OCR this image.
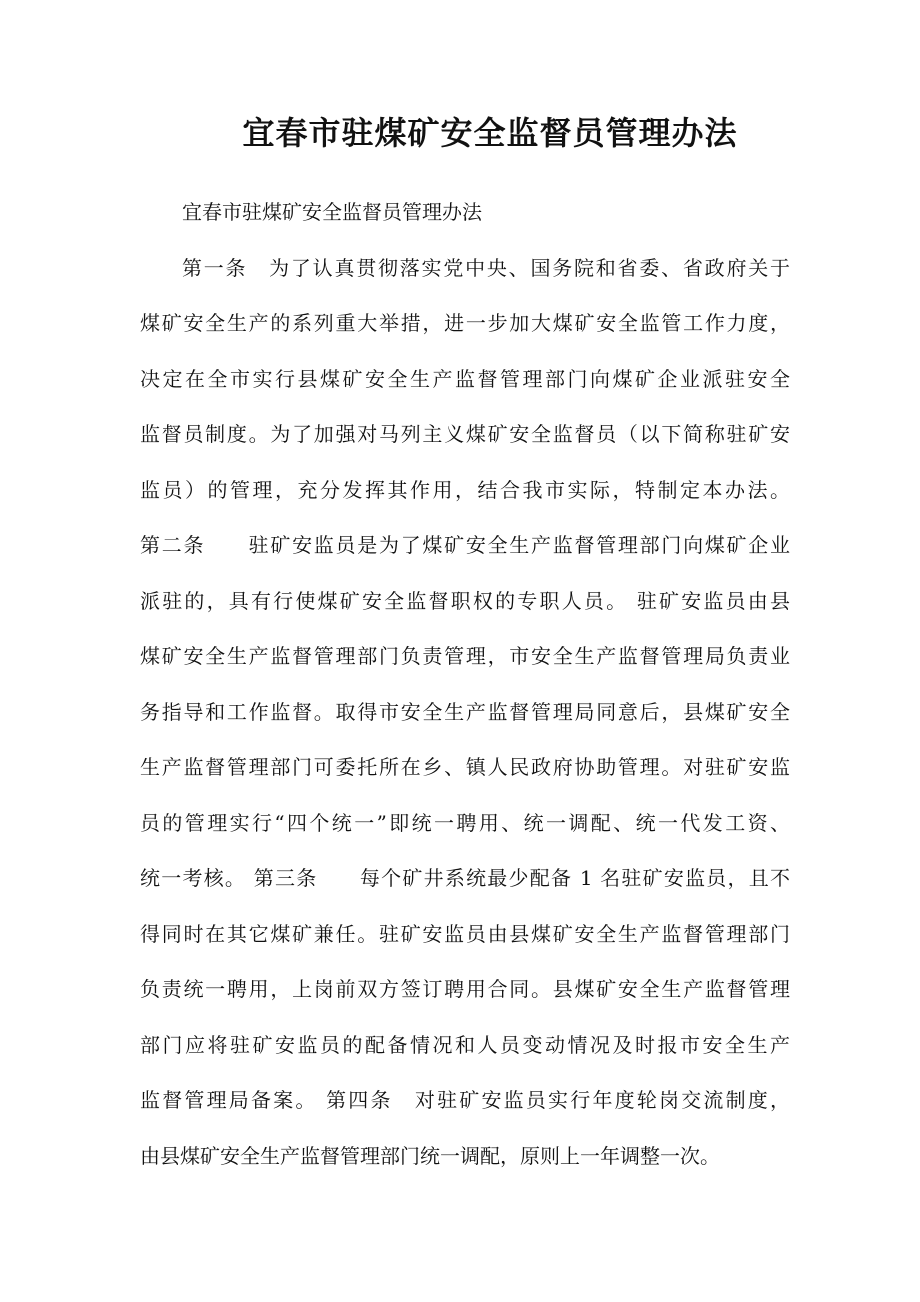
宜春市驻煤矿安全监督员管理办法
宜春市驻煤矿安全监督员管理办法
第一条　为了认真贯彻落实党中央、国务院和省委、省政府关于
煤矿安全生产的系列重大举措，进一步加大煤矿安全监管工作力度，
决定在全市实行县煤矿安全生产监督管理部门向煤矿企业派驻安全
监督员制度。为了加强对马列主义煤矿安全监督员（以下简称驻矿安
监员）的管理，充分发挥其作用，结合我市实际，特制定本办法。
第二条　　驻矿安监员是为了煤矿安全生产监督管理部门向煤矿企业
派驻的，具有行使煤矿安全监督职权的专职人员。 驻矿安监员由县
煤矿安全生产监督管理部门负责管理，市安全生产监督管理局负责业
务指导和工作监督。取得市安全生产监督管理局同意后，县煤矿安全
生产监督管理部门可委托所在乡、镇人民政府协助管理。对驻矿安监
员的管理实行“四个统一”即统一聘用、统一调配、统一代发工资、
统一考核。 第三条　　每个矿井系统最少配备 1 名驻矿安监员，且不
得同时在其它煤矿兼任。驻矿安监员由县煤矿安全生产监督管理部门
负责统一聘用，上岗前双方签订聘用合同。县煤矿安全生产监督管理
部门应将驻矿安监员的配备情况和人员变动情况及时报市安全生产
监督管理局备案。 第四条　对驻矿安监员实行年度轮岗交流制度，
由县煤矿安全生产监督管理部门统一调配，原则上一年调整一次。
